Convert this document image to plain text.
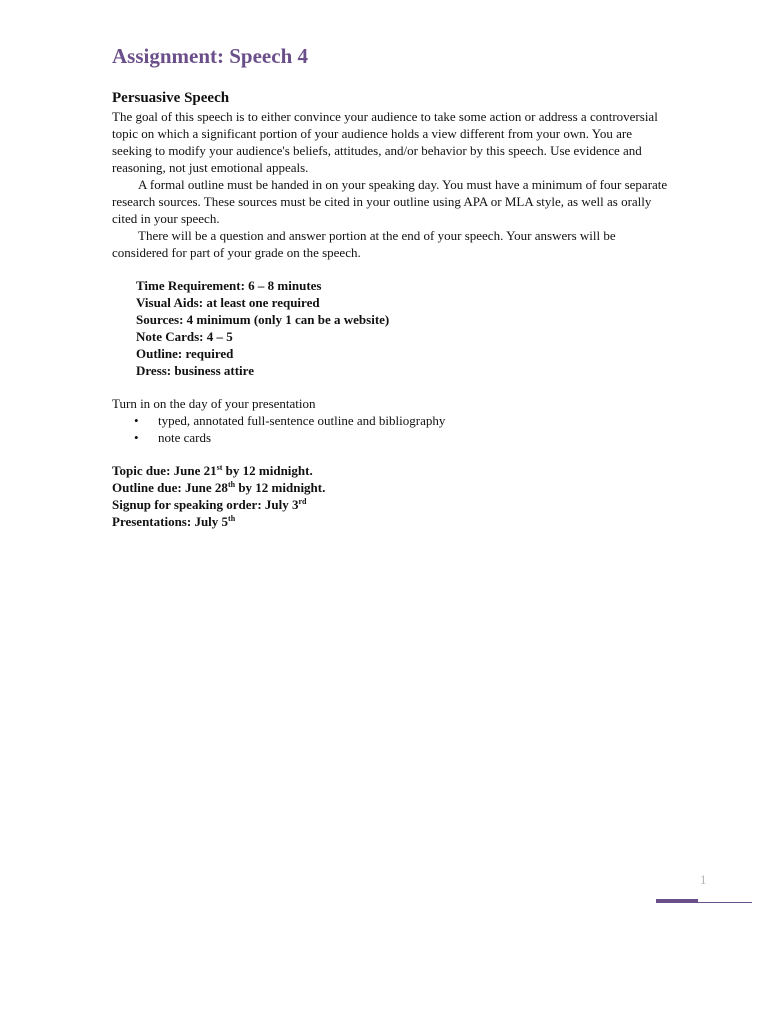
Assignment: Speech 4
Persuasive Speech

The goal of this speech is to either convince your audience to take some action or address a controversial topic on which a significant portion of your audience holds a view different from your own. You are seeking to modify your audience's beliefs, attitudes, and/or behavior by this speech. Use evidence and reasoning, not just emotional appeals.

A formal outline must be handed in on your speaking day. You must have a minimum of four separate research sources. These sources must be cited in your outline using APA or MLA style, as well as orally cited in your speech.

There will be a question and answer portion at the end of your speech. Your answers will be considered for part of your grade on the speech.

Time Requirement: 6 – 8 minutes
Visual Aids: at least one required
Sources: 4 minimum (only 1 can be a website)
Note Cards: 4 – 5
Outline: required
Dress: business attire
Turn in on the day of your presentation
• typed, annotated full-sentence outline and bibliography
• note cards
Topic due: June 21st by 12 midnight.
Outline due: June 28th by 12 midnight.
Signup for speaking order: July 3rd
Presentations: July 5th
1
